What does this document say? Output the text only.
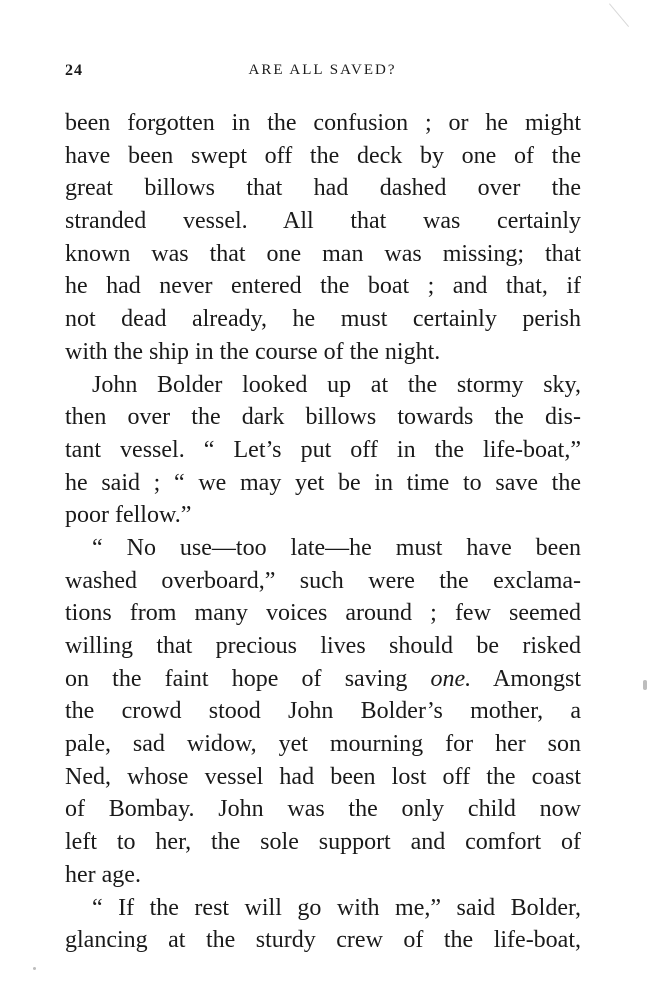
24	ARE ALL SAVED?
been forgotten in the confusion ; or he might
have been swept off the deck by one of the
great billows that had dashed over the
stranded vessel. All that was certainly
known was that one man was missing; that
he had never entered the boat ; and that, if
not dead already, he must certainly perish
with the ship in the course of the night.
John Bolder looked up at the stormy sky,
then over the dark billows towards the dis-
tant vessel. “ Let’s put off in the life-boat,”
he said ; “ we may yet be in time to save the
poor fellow.”
“ No use—too late—he must have been
washed overboard,” such were the exclama-
tions from many voices around ; few seemed
willing that precious lives should be risked
on the faint hope of saving one. Amongst
the crowd stood John Bolder’s mother, a
pale, sad widow, yet mourning for her son
Ned, whose vessel had been lost off the coast
of Bombay. John was the only child now
left to her, the sole support and comfort of
her age.
“ If the rest will go with me,” said Bolder,
glancing at the sturdy crew of the life-boat,
